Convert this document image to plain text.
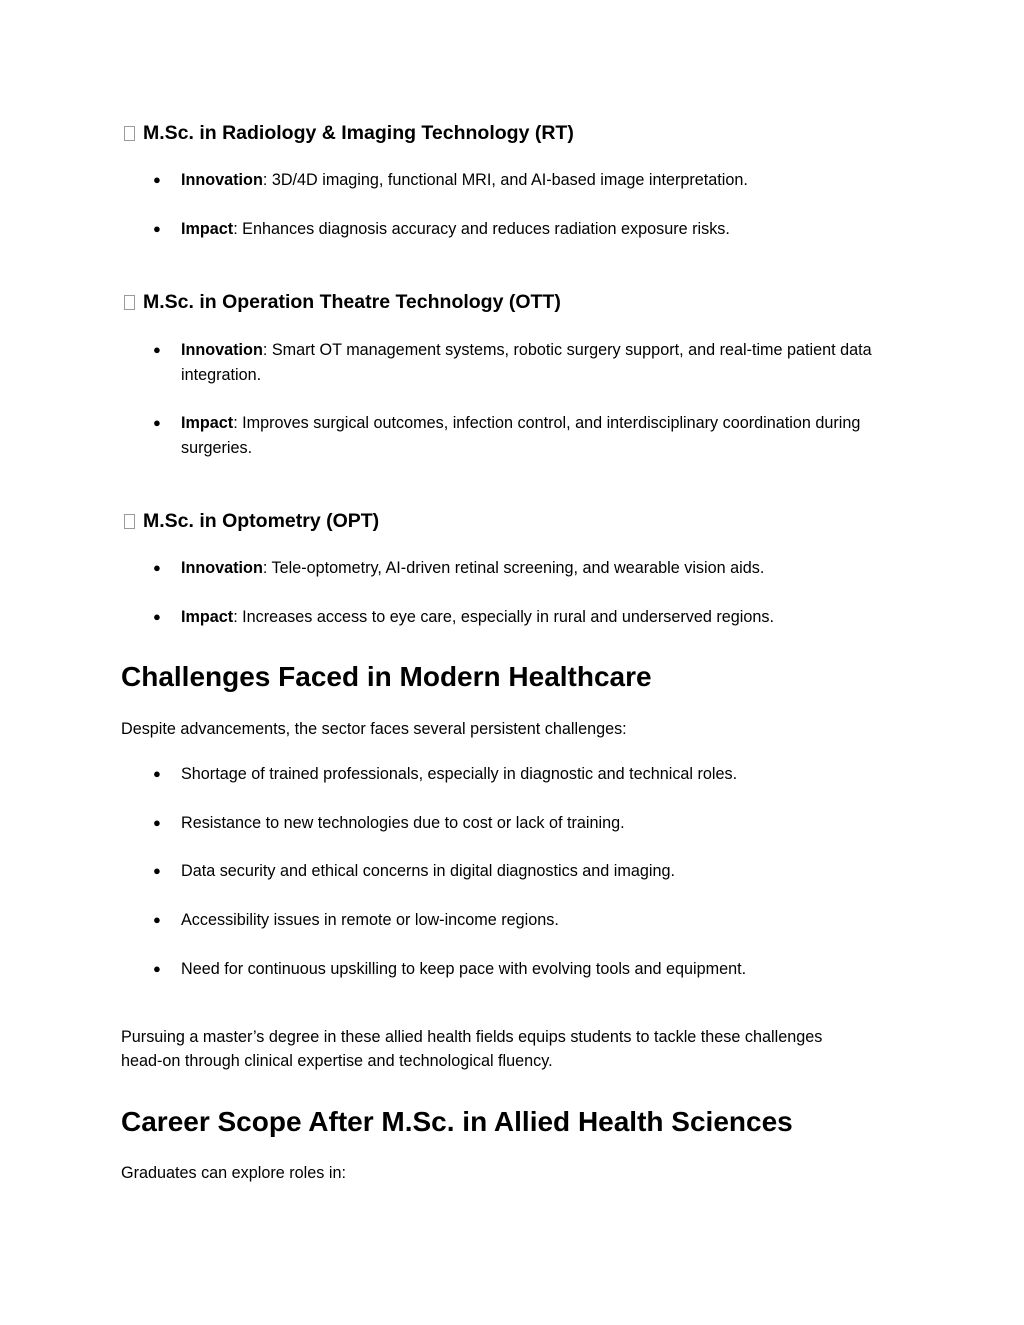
M.Sc. in Radiology & Imaging Technology (RT)
● Innovation: 3D/4D imaging, functional MRI, and AI-based image interpretation.
● Impact: Enhances diagnosis accuracy and reduces radiation exposure risks.
M.Sc. in Operation Theatre Technology (OTT)
● Innovation: Smart OT management systems, robotic surgery support, and real-time patient data integration.
● Impact: Improves surgical outcomes, infection control, and interdisciplinary coordination during surgeries.
M.Sc. in Optometry (OPT)
● Innovation: Tele-optometry, AI-driven retinal screening, and wearable vision aids.
● Impact: Increases access to eye care, especially in rural and underserved regions.
Challenges Faced in Modern Healthcare
Despite advancements, the sector faces several persistent challenges:
● Shortage of trained professionals, especially in diagnostic and technical roles.
● Resistance to new technologies due to cost or lack of training.
● Data security and ethical concerns in digital diagnostics and imaging.
● Accessibility issues in remote or low-income regions.
● Need for continuous upskilling to keep pace with evolving tools and equipment.
Pursuing a master’s degree in these allied health fields equips students to tackle these challenges head-on through clinical expertise and technological fluency.
Career Scope After M.Sc. in Allied Health Sciences
Graduates can explore roles in:
